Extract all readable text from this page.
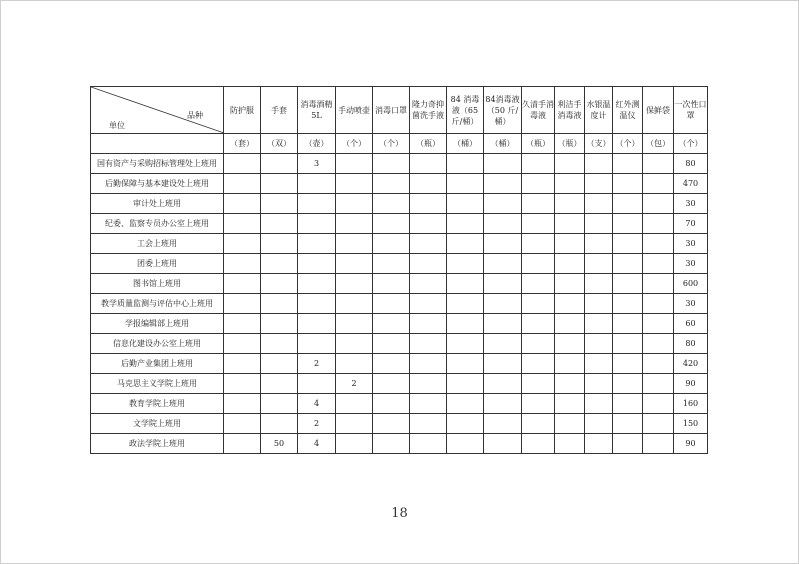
品种
单位	防护服	手套	消毒酒精5L	手动喷壶	消毒口罩	隆力奇抑菌洗手液	84 消毒液（65 斤/桶）	84消毒液（50 斤/桶）	久清手消毒液	利洁手消毒液	水银温度计	红外测温仪	保鲜袋	一次性口罩
	（套）	（双）	（壶）	（个）	（个）	（瓶）	（桶）	（桶）	（瓶）	（瓶）	（支）	（个）	（包）	（个）
国有资产与采购招标管理处上班用			3											80
后勤保障与基本建设处上班用														470
审计处上班用														30
纪委、监察专员办公室上班用														70
工会上班用														30
团委上班用														30
图书馆上班用														600
教学质量监测与评估中心上班用														30
学报编辑部上班用														60
信息化建设办公室上班用														80
后勤产业集团上班用			2											420
马克思主义学院上班用				2										90
教育学院上班用			4											160
文学院上班用			2											150
政法学院上班用		50	4											90
18
